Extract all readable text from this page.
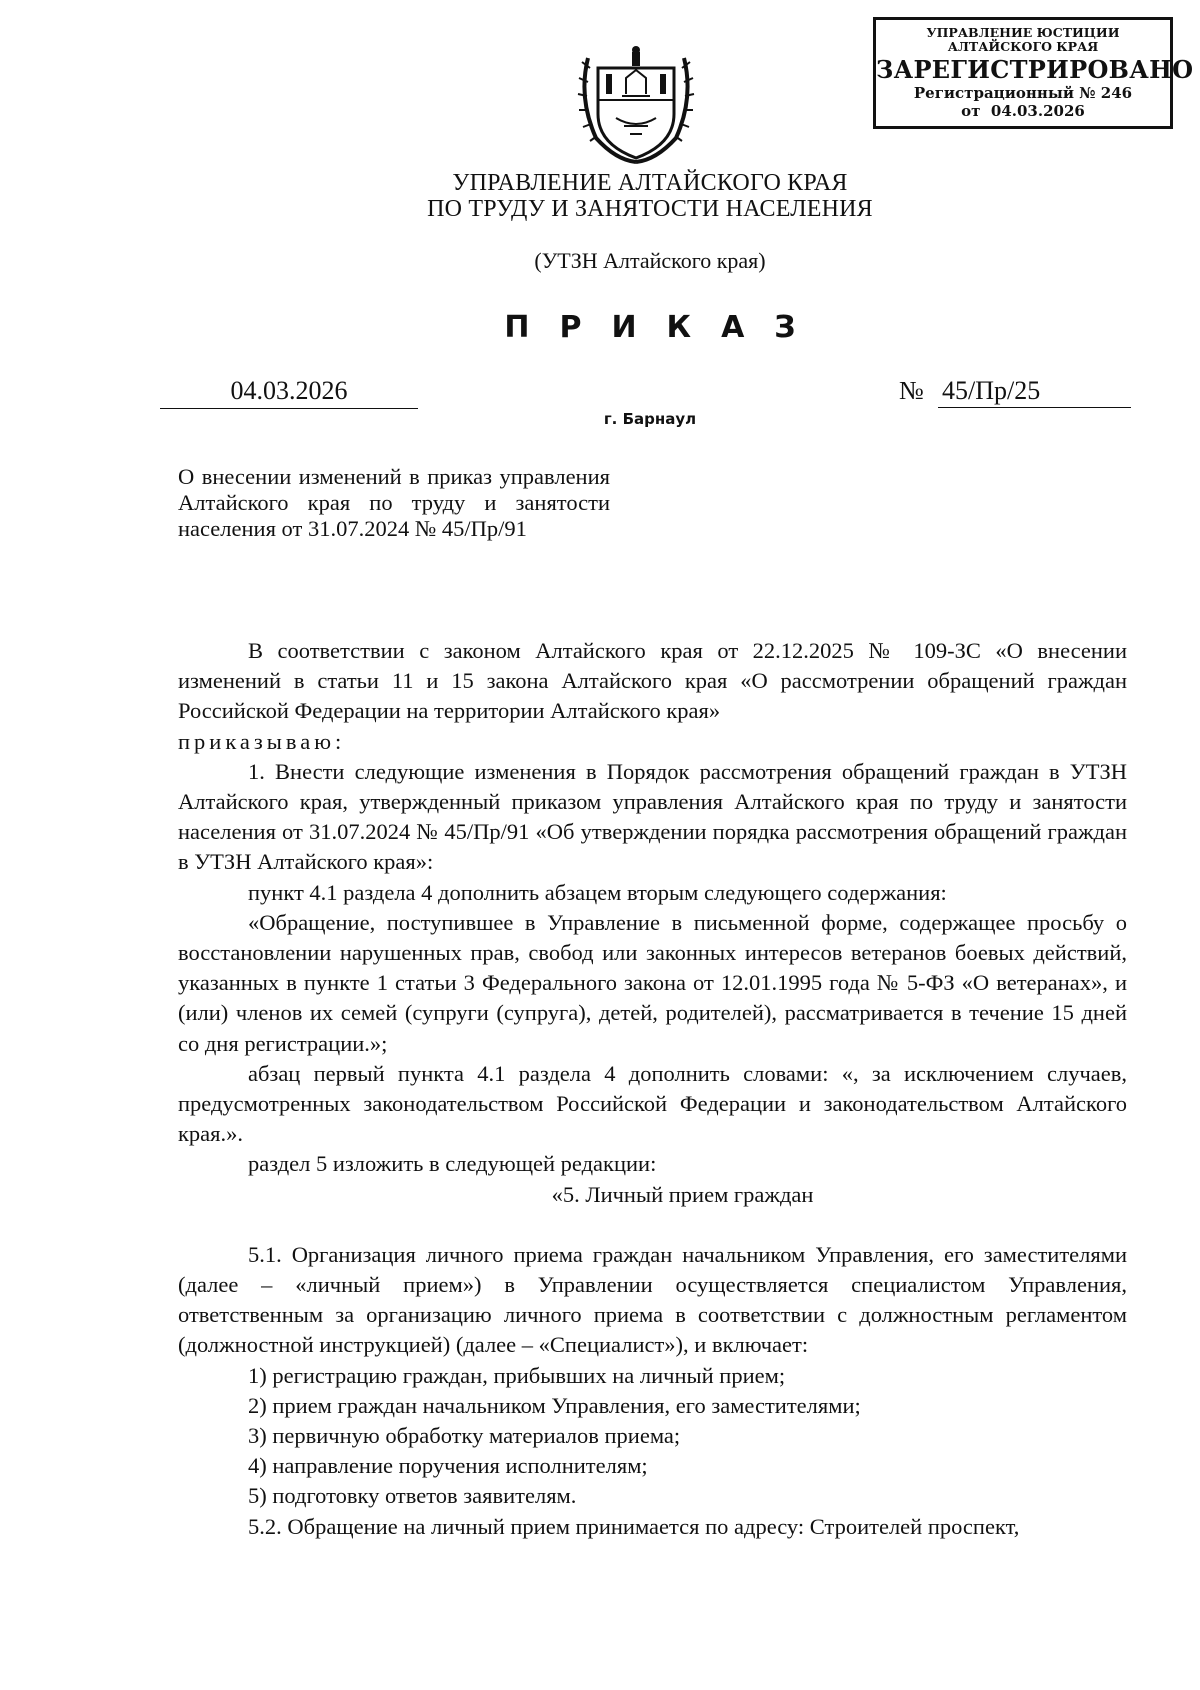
УПРАВЛЕНИЕ ЮСТИЦИИ
АЛТАЙСКОГО КРАЯ
ЗАРЕГИСТРИРОВАНО
Регистрационный № 246
от  04.03.2026
УПРАВЛЕНИЕ АЛТАЙСКОГО КРАЯ
ПО ТРУДУ И ЗАНЯТОСТИ НАСЕЛЕНИЯ
(УТЗН Алтайского края)
ПРИКАЗ
04.03.2026	№ 45/Пр/25
г. Барнаул
О внесении изменений в приказ управления Алтайского края по труду и занятости населения от 31.07.2024 № 45/Пр/91

В соответствии с законом Алтайского края от 22.12.2025 № 109-ЗС «О внесении изменений в статьи 11 и 15 закона Алтайского края «О рассмотрении обращений граждан Российской Федерации на территории Алтайского края»

приказываю:

1. Внести следующие изменения в Порядок рассмотрения обращений граждан в УТЗН Алтайского края, утвержденный приказом управления Алтайского края по труду и занятости населения от 31.07.2024 № 45/Пр/91 «Об утверждении порядка рассмотрения обращений граждан в УТЗН Алтайского края»:

пункт 4.1 раздела 4 дополнить абзацем вторым следующего содержания:

«Обращение, поступившее в Управление в письменной форме, содержащее просьбу о восстановлении нарушенных прав, свобод или законных интересов ветеранов боевых действий, указанных в пункте 1 статьи 3 Федерального закона от 12.01.1995 года № 5-ФЗ «О ветеранах», и (или) членов их семей (супруги (супруга), детей, родителей), рассматривается в течение 15 дней со дня регистрации.»;

абзац первый пункта 4.1 раздела 4 дополнить словами: «, за исключением случаев, предусмотренных законодательством Российской Федерации и законодательством Алтайского края.».

раздел 5 изложить в следующей редакции:

«5. Личный прием граждан

5.1. Организация личного приема граждан начальником Управления, его заместителями (далее – «личный прием») в Управлении осуществляется специалистом Управления, ответственным за организацию личного приема в соответствии с должностным регламентом (должностной инструкцией) (далее – «Специалист»), и включает:

1) регистрацию граждан, прибывших на личный прием;

2) прием граждан начальником Управления, его заместителями;

3) первичную обработку материалов приема;

4) направление поручения исполнителям;

5) подготовку ответов заявителям.

5.2. Обращение на личный прием принимается по адресу: Строителей проспект,
